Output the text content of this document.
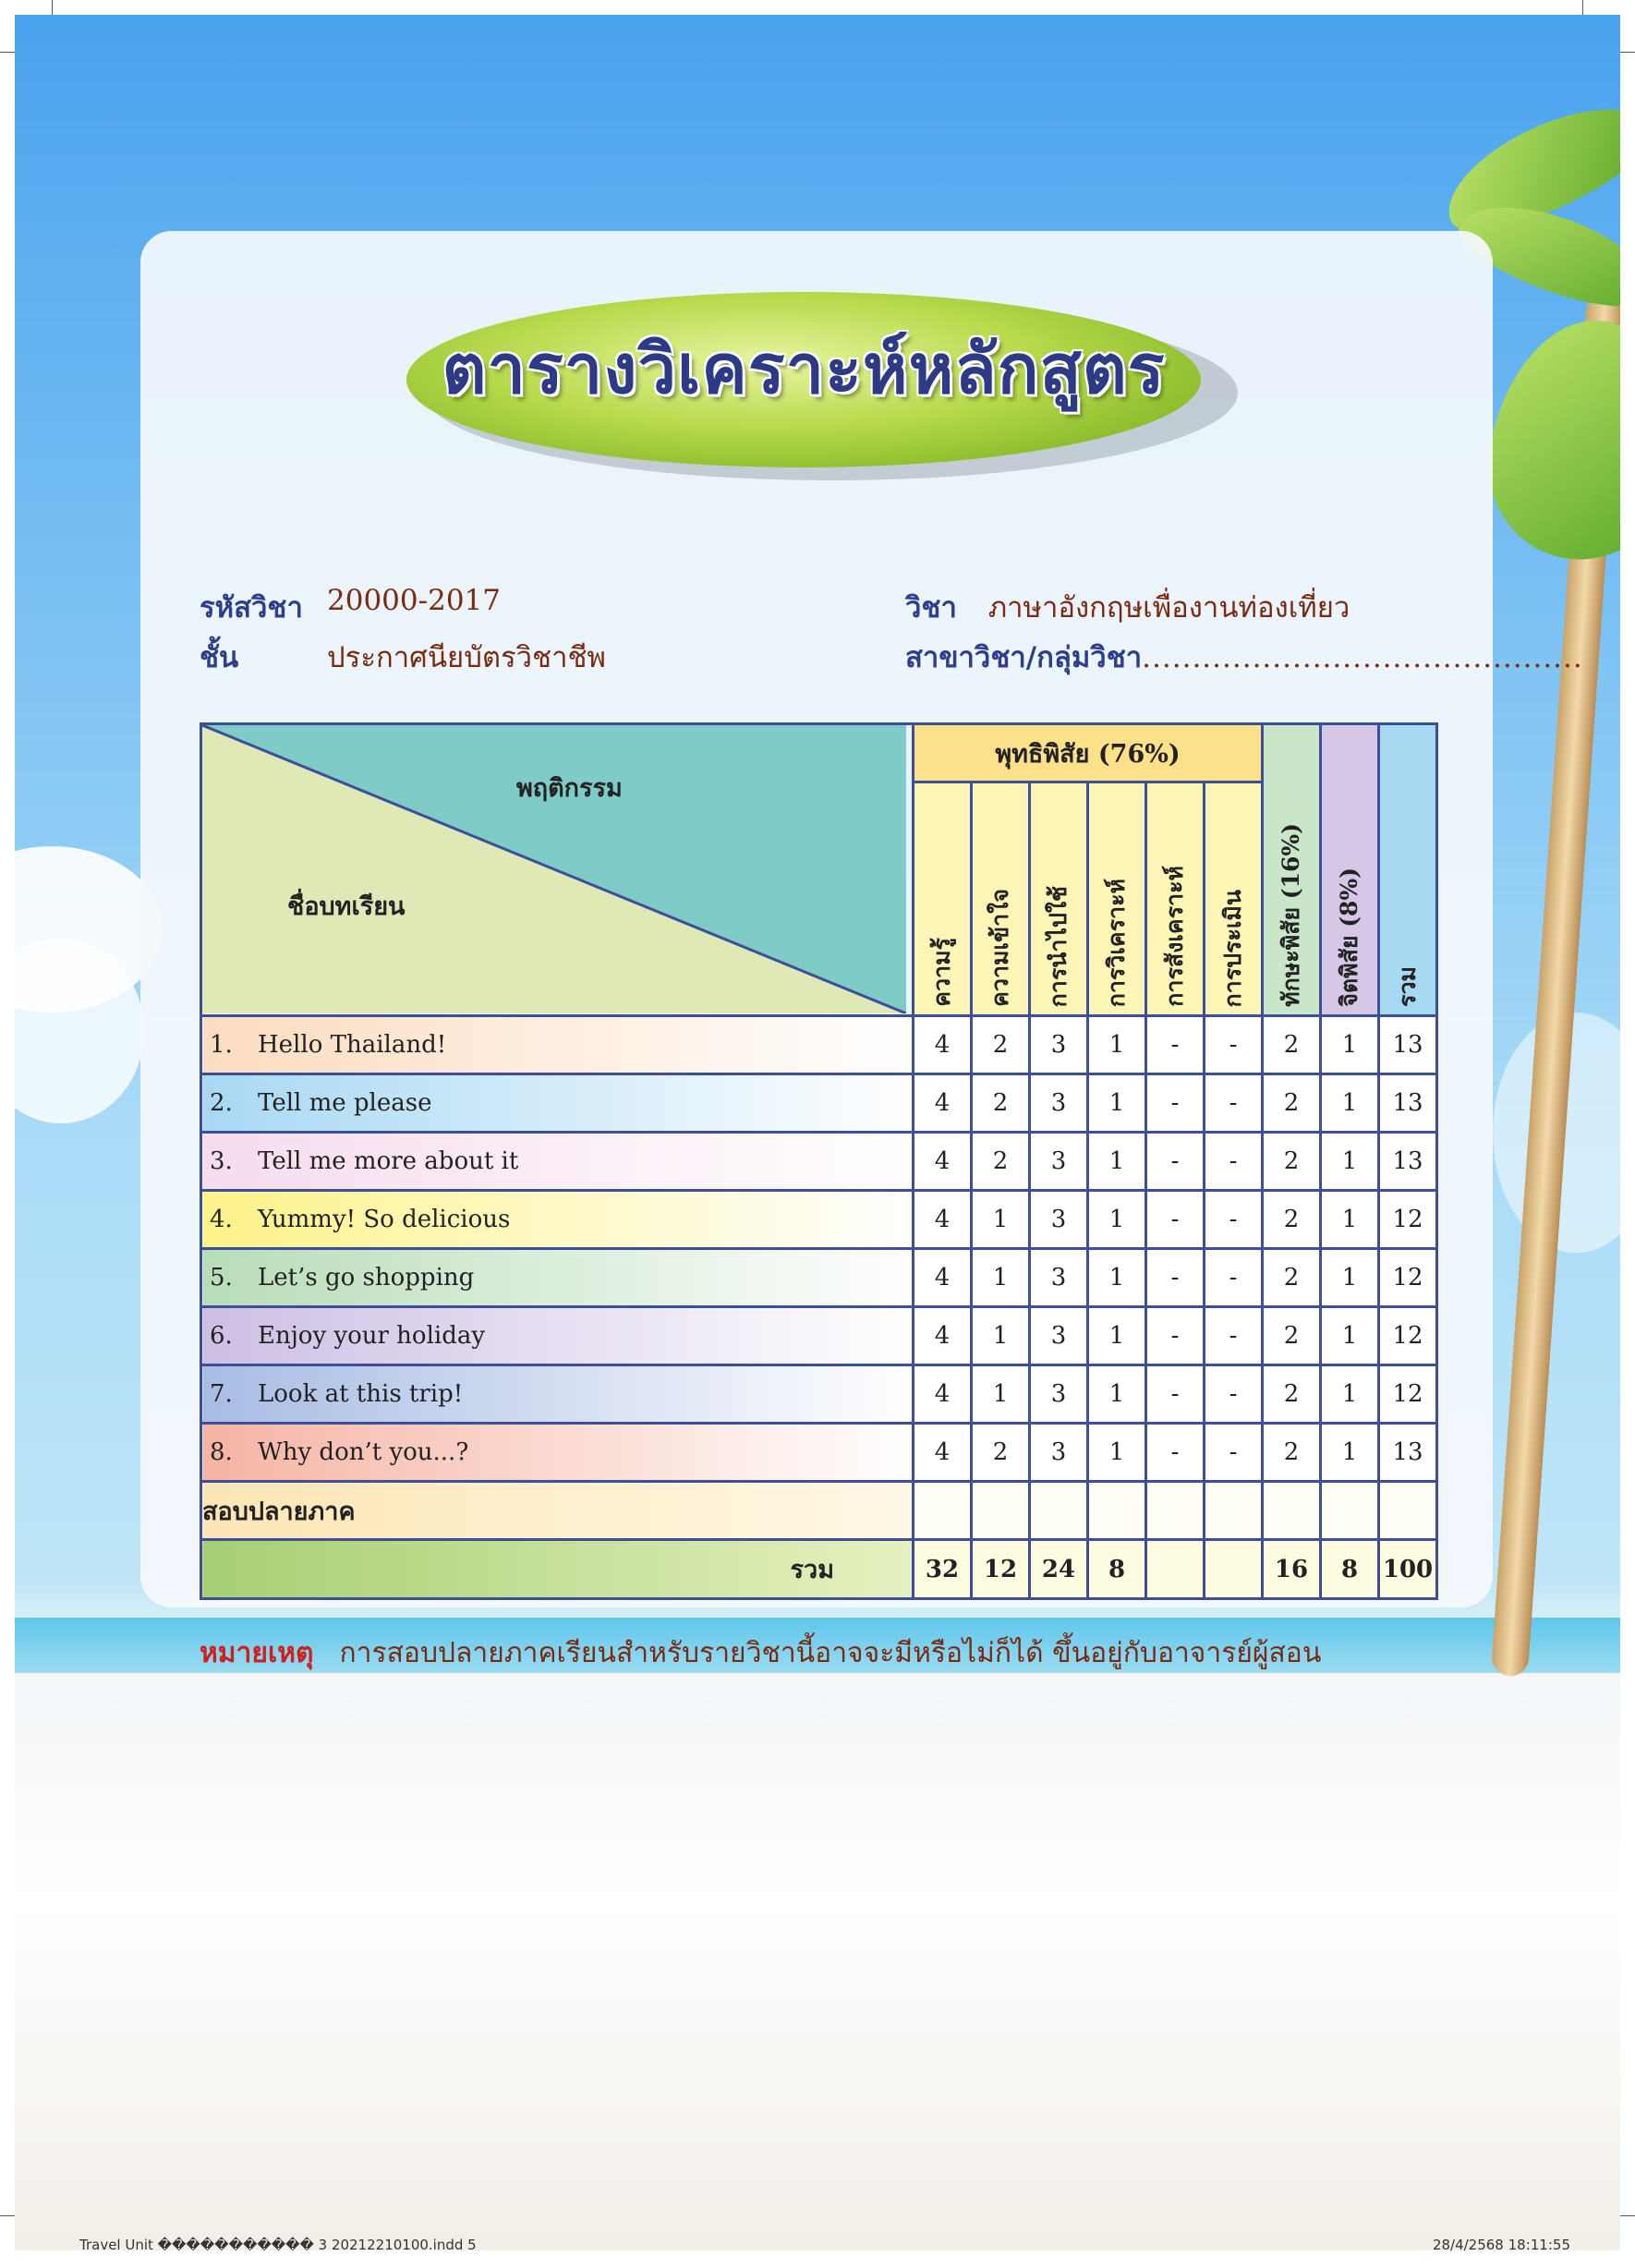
ตารางวิเคราะห์หลักสูตร
รหัสวิชา 20000-2017
ชั้น	ประกาศนียบัตรวิชาชีพ
วิชา ภาษาอังกฤษเพื่องานท่องเที่ยว
สาขาวิชา/กลุ่มวิชา............................................
พฤติกรรม
ชื่อบทเรียน	พุทธิพิสัย (76%)						ทักษะพิสัย (16%)	จิตพิสัย (8%)	รวม

	ความรู้	ความเข้าใจ	การนำไปใช้	การวิเคราะห์	การสังเคราะห์	การประเมิน			

1. Hello Thailand!	4	2	3	1	-	-	2	1	13
2. Tell me please	4	2	3	1	-	-	2	1	13
3. Tell me more about it	4	2	3	1	-	-	2	1	13
4. Yummy! So delicious	4	1	3	1	-	-	2	1	12
5. Let’s go shopping	4	1	3	1	-	-	2	1	12
6. Enjoy your holiday	4	1	3	1	-	-	2	1	12
7. Look at this trip!	4	1	3	1	-	-	2	1	12
8. Why don’t you...?	4	2	3	1	-	-	2	1	13
สอบปลายภาค									
รวม	32	12	24	8			16	8	100
หมายเหตุ การสอบปลายภาคเรียนสำหรับรายวิชานี้อาจจะมีหรือไม่ก็ได้ ขึ้นอยู่กับอาจารย์ผู้สอน
Travel Unit ����������� 3 20212210100.indd 5	28/4/2568 18:11:55
